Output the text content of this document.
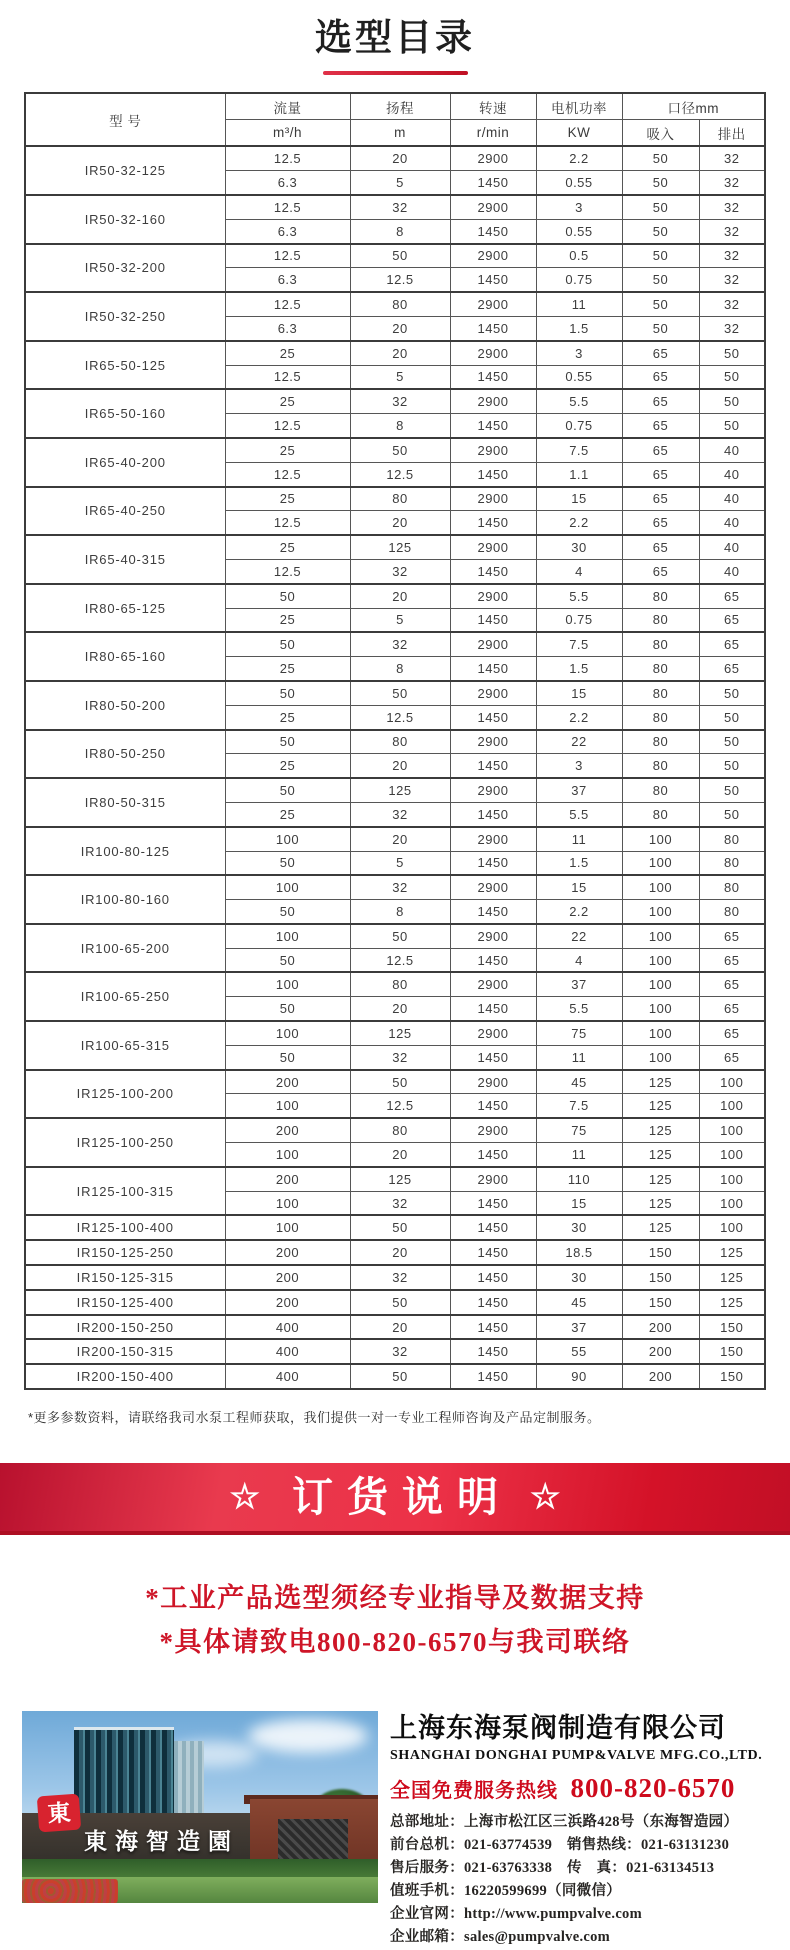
选型目录
型 号	流量	扬程	转速	电机功率	口径mm	
	m³/h	m	r/min	KW	吸入	排出
IR50-32-125	12.5	20	2900	2.2	50	32
	6.3	5	1450	0.55	50	32
IR50-32-160	12.5	32	2900	3	50	32
	6.3	8	1450	0.55	50	32
IR50-32-200	12.5	50	2900	0.5	50	32
	6.3	12.5	1450	0.75	50	32
IR50-32-250	12.5	80	2900	11	50	32
	6.3	20	1450	1.5	50	32
IR65-50-125	25	20	2900	3	65	50
	12.5	5	1450	0.55	65	50
IR65-50-160	25	32	2900	5.5	65	50
	12.5	8	1450	0.75	65	50
IR65-40-200	25	50	2900	7.5	65	40
	12.5	12.5	1450	1.1	65	40
IR65-40-250	25	80	2900	15	65	40
	12.5	20	1450	2.2	65	40
IR65-40-315	25	125	2900	30	65	40
	12.5	32	1450	4	65	40
IR80-65-125	50	20	2900	5.5	80	65
	25	5	1450	0.75	80	65
IR80-65-160	50	32	2900	7.5	80	65
	25	8	1450	1.5	80	65
IR80-50-200	50	50	2900	15	80	50
	25	12.5	1450	2.2	80	50
IR80-50-250	50	80	2900	22	80	50
	25	20	1450	3	80	50
IR80-50-315	50	125	2900	37	80	50
	25	32	1450	5.5	80	50
IR100-80-125	100	20	2900	11	100	80
	50	5	1450	1.5	100	80
IR100-80-160	100	32	2900	15	100	80
	50	8	1450	2.2	100	80
IR100-65-200	100	50	2900	22	100	65
	50	12.5	1450	4	100	65
IR100-65-250	100	80	2900	37	100	65
	50	20	1450	5.5	100	65
IR100-65-315	100	125	2900	75	100	65
	50	32	1450	11	100	65
IR125-100-200	200	50	2900	45	125	100
	100	12.5	1450	7.5	125	100
IR125-100-250	200	80	2900	75	125	100
	100	20	1450	11	125	100
IR125-100-315	200	125	2900	110	125	100
	100	32	1450	15	125	100
IR125-100-400	100	50	1450	30	125	100
IR150-125-250	200	20	1450	18.5	150	125
IR150-125-315	200	32	1450	30	150	125
IR150-125-400	200	50	1450	45	150	125
IR200-150-250	400	20	1450	37	200	150
IR200-150-315	400	32	1450	55	200	150
IR200-150-400	400	50	1450	90	200	150
*更多参数资料，请联络我司水泵工程师获取，我们提供一对一专业工程师咨询及产品定制服务。
☆ 订货说明 ☆
*工业产品选型须经专业指导及数据支持
*具体请致电800-820-6570与我司联络
東
東海智造園
上海东海泵阀制造有限公司
SHANGHAI DONGHAI PUMP&VALVE MFG.CO.,LTD.
全国免费服务热线 800-820-6570
总部地址：上海市松江区三浜路428号（东海智造园）
前台总机：021-63774539　销售热线：021-63131230
售后服务：021-63763338　传　真：021-63134513
值班手机：16220599699（同微信）
企业官网：http://www.pumpvalve.com
企业邮箱：sales@pumpvalve.com
